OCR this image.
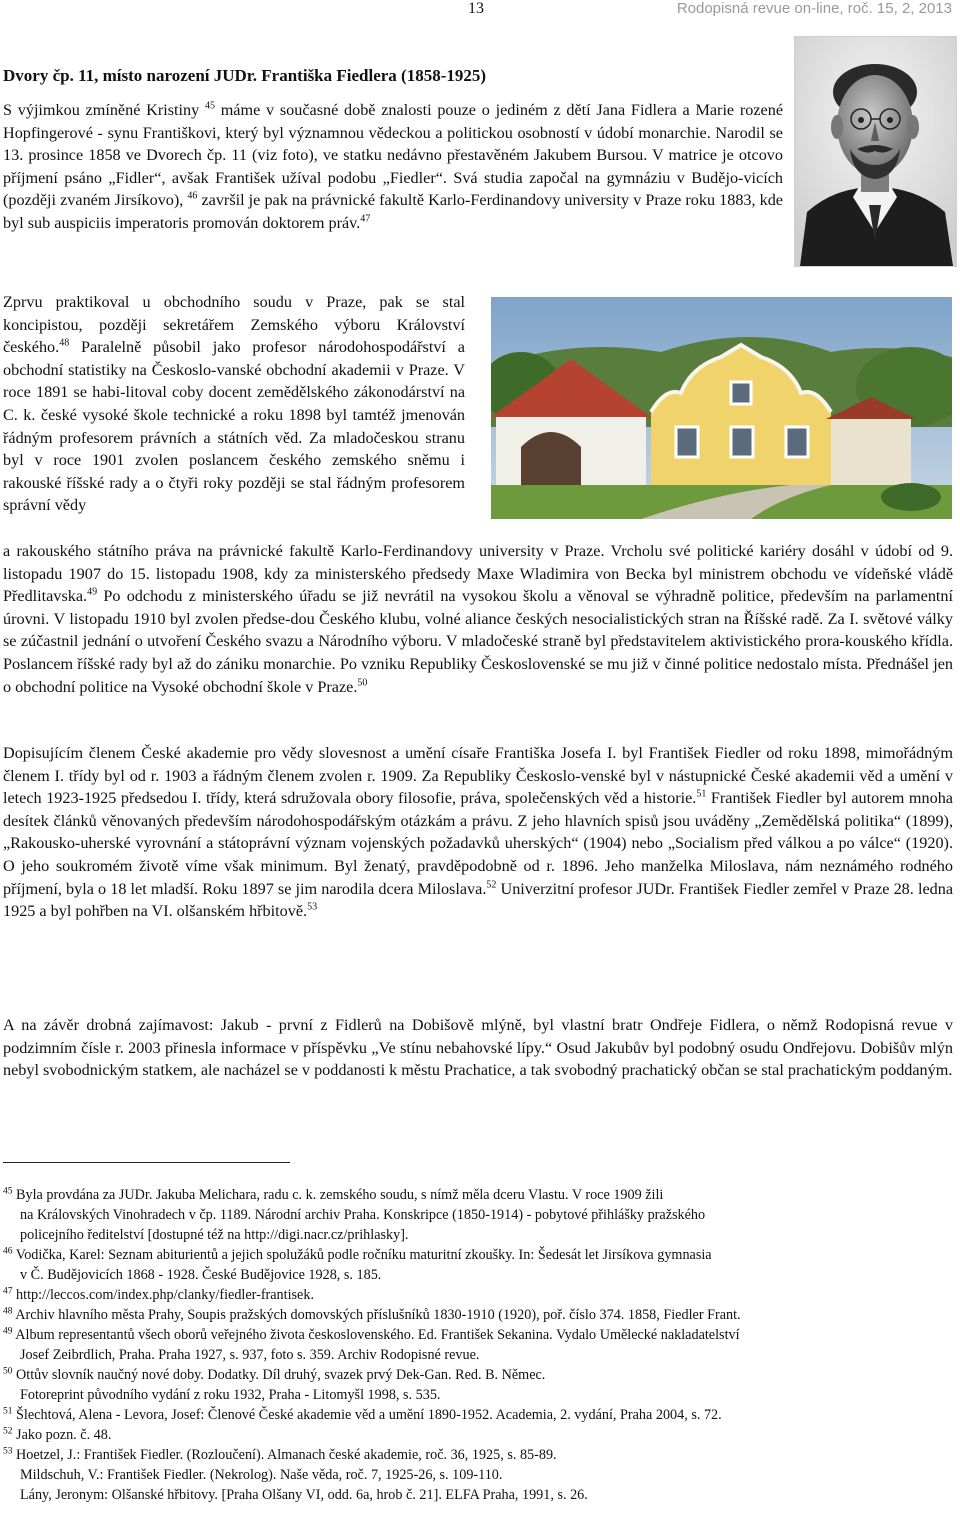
13	Rodopisná revue on-line, roč. 15, 2, 2013
Dvory čp. 11, místo narození JUDr. Františka Fiedlera (1858-1925)
S výjimkou zmíněné Kristiny $^{45}$ máme v současné době znalosti pouze o jediném z dětí Jana Fidlera a Marie rozené Hopfingerové - synu Františkovi, který byl významnou vědeckou a politickou osobností v údobí monarchie. Narodil se 13. prosince 1858 ve Dvorech čp. 11 (viz foto), ve statku nedávno přestavěném Jakubem Bursou. V matrice je otcovo příjmení psáno „Fidler“, avšak František užíval podobu „Fiedler“. Svá studia započal na gymnáziu v Budějo-vicích (později zvaném Jirsíkovo), $^{46}$ završil je pak na právnické fakultě Karlo-Ferdinandovy university v Praze roku 1883, kde byl sub auspiciis imperatoris promován doktorem práv.$^{47}$
Zprvu praktikoval u obchodního soudu v Praze, pak se stal koncipistou, později sekretářem Zemského výboru Království českého.$^{48}$ Paralelně působil jako profesor národohospodářství a obchodní statistiky na Českoslo-vanské obchodní akademii v Praze. V roce 1891 se habi-litoval coby docent zemědělského zákonodárství na C. k. české vysoké škole technické a roku 1898 byl tamtéž jmenován řádným profesorem právních a státních věd. Za mladočeskou stranu byl v roce 1901 zvolen poslancem českého zemského sněmu i rakouské říšské rady a o čtyři roky později se stal řádným profesorem správní vědy
a rakouského státního práva na právnické fakultě Karlo-Ferdinandovy university v Praze. Vrcholu své politické kariéry dosáhl v údobí od 9. listopadu 1907 do 15. listopadu 1908, kdy za ministerského předsedy Maxe Wladimira von Becka byl ministrem obchodu ve vídeňské vládě Předlitavska.$^{49}$ Po odchodu z ministerského úřadu se již nevrátil na vysokou školu a věnoval se výhradně politice, především na parlamentní úrovni. V listopadu 1910 byl zvolen předse-dou Českého klubu, volné aliance českých nesocialistických stran na Říšské radě. Za I. světové války se zúčastnil jednání o utvoření Českého svazu a Národního výboru. V mladočeské straně byl představitelem aktivistického prora-kouského křídla. Poslancem říšské rady byl až do zániku monarchie. Po vzniku Republiky Československé se mu již v činné politice nedostalo místa. Přednášel jen o obchodní politice na Vysoké obchodní škole v Praze.$^{50}$
Dopisujícím členem České akademie pro vědy slovesnost a umění císaře Františka Josefa I. byl František Fiedler od roku 1898, mimořádným členem I. třídy byl od r. 1903 a řádným členem zvolen r. 1909. Za Republiky Českoslo-venské byl v nástupnické České akademii věd a umění v letech 1923-1925 předsedou I. třídy, která sdružovala obory filosofie, práva, společenských věd a historie.$^{51}$ František Fiedler byl autorem mnoha desítek článků věnovaných především národohospodářským otázkám a právu. Z jeho hlavních spisů jsou uváděny „Zemědělská politika“ (1899), „Rakousko-uherské vyrovnání a státoprávní význam vojenských požadavků uherských“ (1904) nebo „Socialism před válkou a po válce“ (1920). O jeho soukromém životě víme však minimum. Byl ženatý, pravděpodobně od r. 1896. Jeho manželka Miloslava, nám neznámého rodného příjmení, byla o 18 let mladší. Roku 1897 se jim narodila dcera Miloslava.$^{52}$ Univerzitní profesor JUDr. František Fiedler zemřel v Praze 28. ledna 1925 a byl pohřben na VI. olšanském hřbitově.$^{53}$
A na závěr drobná zajímavost: Jakub - první z Fidlerů na Dobišově mlýně, byl vlastní bratr Ondřeje Fidlera, o němž Rodopisná revue v podzimním čísle r. 2003 přinesla informace v příspěvku „Ve stínu nebahovské lípy.“ Osud Jakubův byl podobný osudu Ondřejovu. Dobišův mlýn nebyl svobodnickým statkem, ale nacházel se v poddanosti k městu Prachatice, a tak svobodný prachatický občan se stal prachatickým poddaným.
$^{45}$ Byla provdána za JUDr. Jakuba Melichara, radu c. k. zemského soudu, s nímž měla dceru Vlastu. V roce 1909 žili
na Královských Vinohradech v čp. 1189. Národní archiv Praha. Konskripce (1850-1914) - pobytové přihlášky pražského
policejního ředitelství [dostupné též na http://digi.nacr.cz/prihlasky].
$^{46}$ Vodička, Karel: Seznam abiturientů a jejich spolužáků podle ročníku maturitní zkoušky. In: Šedesát let Jirsíkova gymnasia
v Č. Budějovicích 1868 - 1928. České Budějovice 1928, s. 185.
$^{47}$ http://leccos.com/index.php/clanky/fiedler-frantisek.
$^{48}$ Archiv hlavního města Prahy, Soupis pražských domovských příslušníků 1830-1910 (1920), poř. číslo 374. 1858, Fiedler Frant.
$^{49}$ Album representantů všech oborů veřejného života československého. Ed. František Sekanina. Vydalo Umělecké nakladatelství
Josef Zeibrdlich, Praha. Praha 1927, s. 937, foto s. 359. Archiv Rodopisné revue.
$^{50}$ Ottův slovník naučný nové doby. Dodatky. Díl druhý, svazek prvý Dek-Gan. Red. B. Němec.
Fotoreprint původního vydání z roku 1932, Praha - Litomyšl 1998, s. 535.
$^{51}$ Šlechtová, Alena - Levora, Josef: Členové České akademie věd a umění 1890-1952. Academia, 2. vydání, Praha 2004, s. 72.
$^{52}$ Jako pozn. č. 48.
$^{53}$ Hoetzel, J.: František Fiedler. (Rozloučení). Almanach české akademie, roč. 36, 1925, s. 85-89.
Mildschuh, V.: František Fiedler. (Nekrolog). Naše věda, roč. 7, 1925-26, s. 109-110.
Lány, Jeronym: Olšanské hřbitovy. [Praha Olšany VI, odd. 6a, hrob č. 21]. ELFA Praha, 1991, s. 26.
